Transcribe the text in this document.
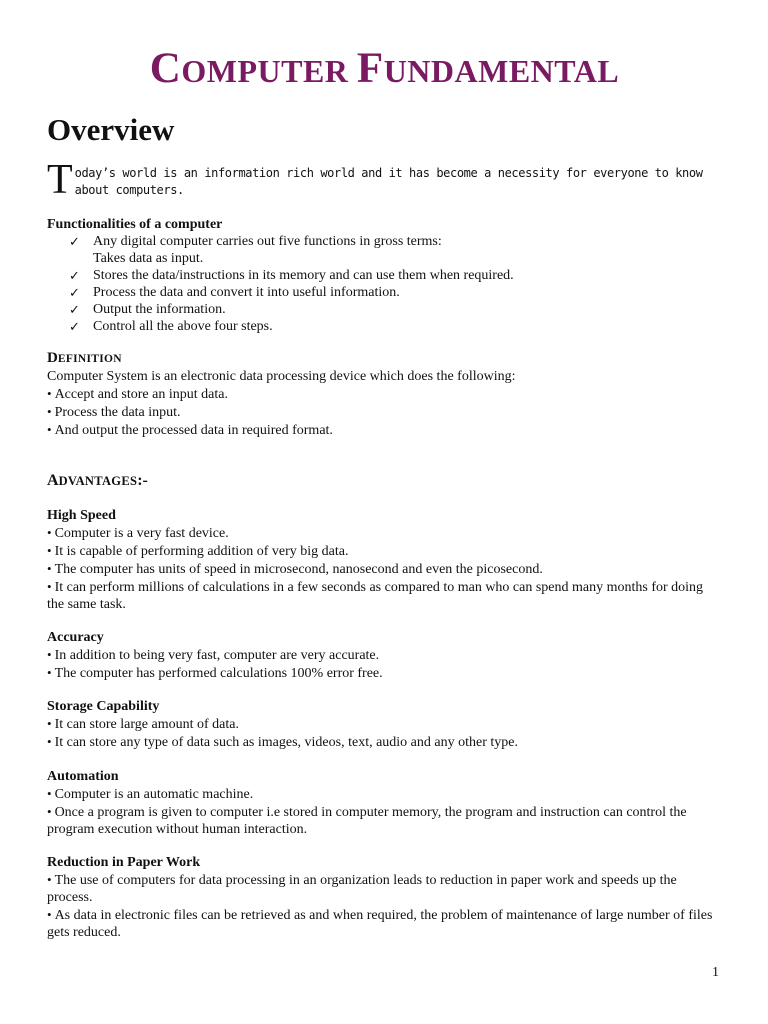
COMPUTER FUNDAMENTAL
Overview
T oday’s world is an information rich world and it has become a necessity for everyone to know about computers.
Functionalities of a computer
✓ Any digital computer carries out five functions in gross terms:
Takes data as input.
✓ Stores the data/instructions in its memory and can use them when required.
✓ Process the data and convert it into useful information.
✓ Output the information.
✓ Control all the above four steps.
DEFINITION
Computer System is an electronic data processing device which does the following:
• Accept and store an input data.
• Process the data input.
• And output the processed data in required format.
ADVANTAGES:-
High Speed
• Computer is a very fast device.
• It is capable of performing addition of very big data.
• The computer has units of speed in microsecond, nanosecond and even the picosecond.
• It can perform millions of calculations in a few seconds as compared to man who can spend many months for doing the same task.
Accuracy
• In addition to being very fast, computer are very accurate.
• The computer has performed calculations 100% error free.
Storage Capability
• It can store large amount of data.
• It can store any type of data such as images, videos, text, audio and any other type.
Automation
• Computer is an automatic machine.
• Once a program is given to computer i.e stored in computer memory, the program and instruction can control the program execution without human interaction.
Reduction in Paper Work
• The use of computers for data processing in an organization leads to reduction in paper work and speeds up the process.
• As data in electronic files can be retrieved as and when required, the problem of maintenance of large number of files gets reduced.
1
